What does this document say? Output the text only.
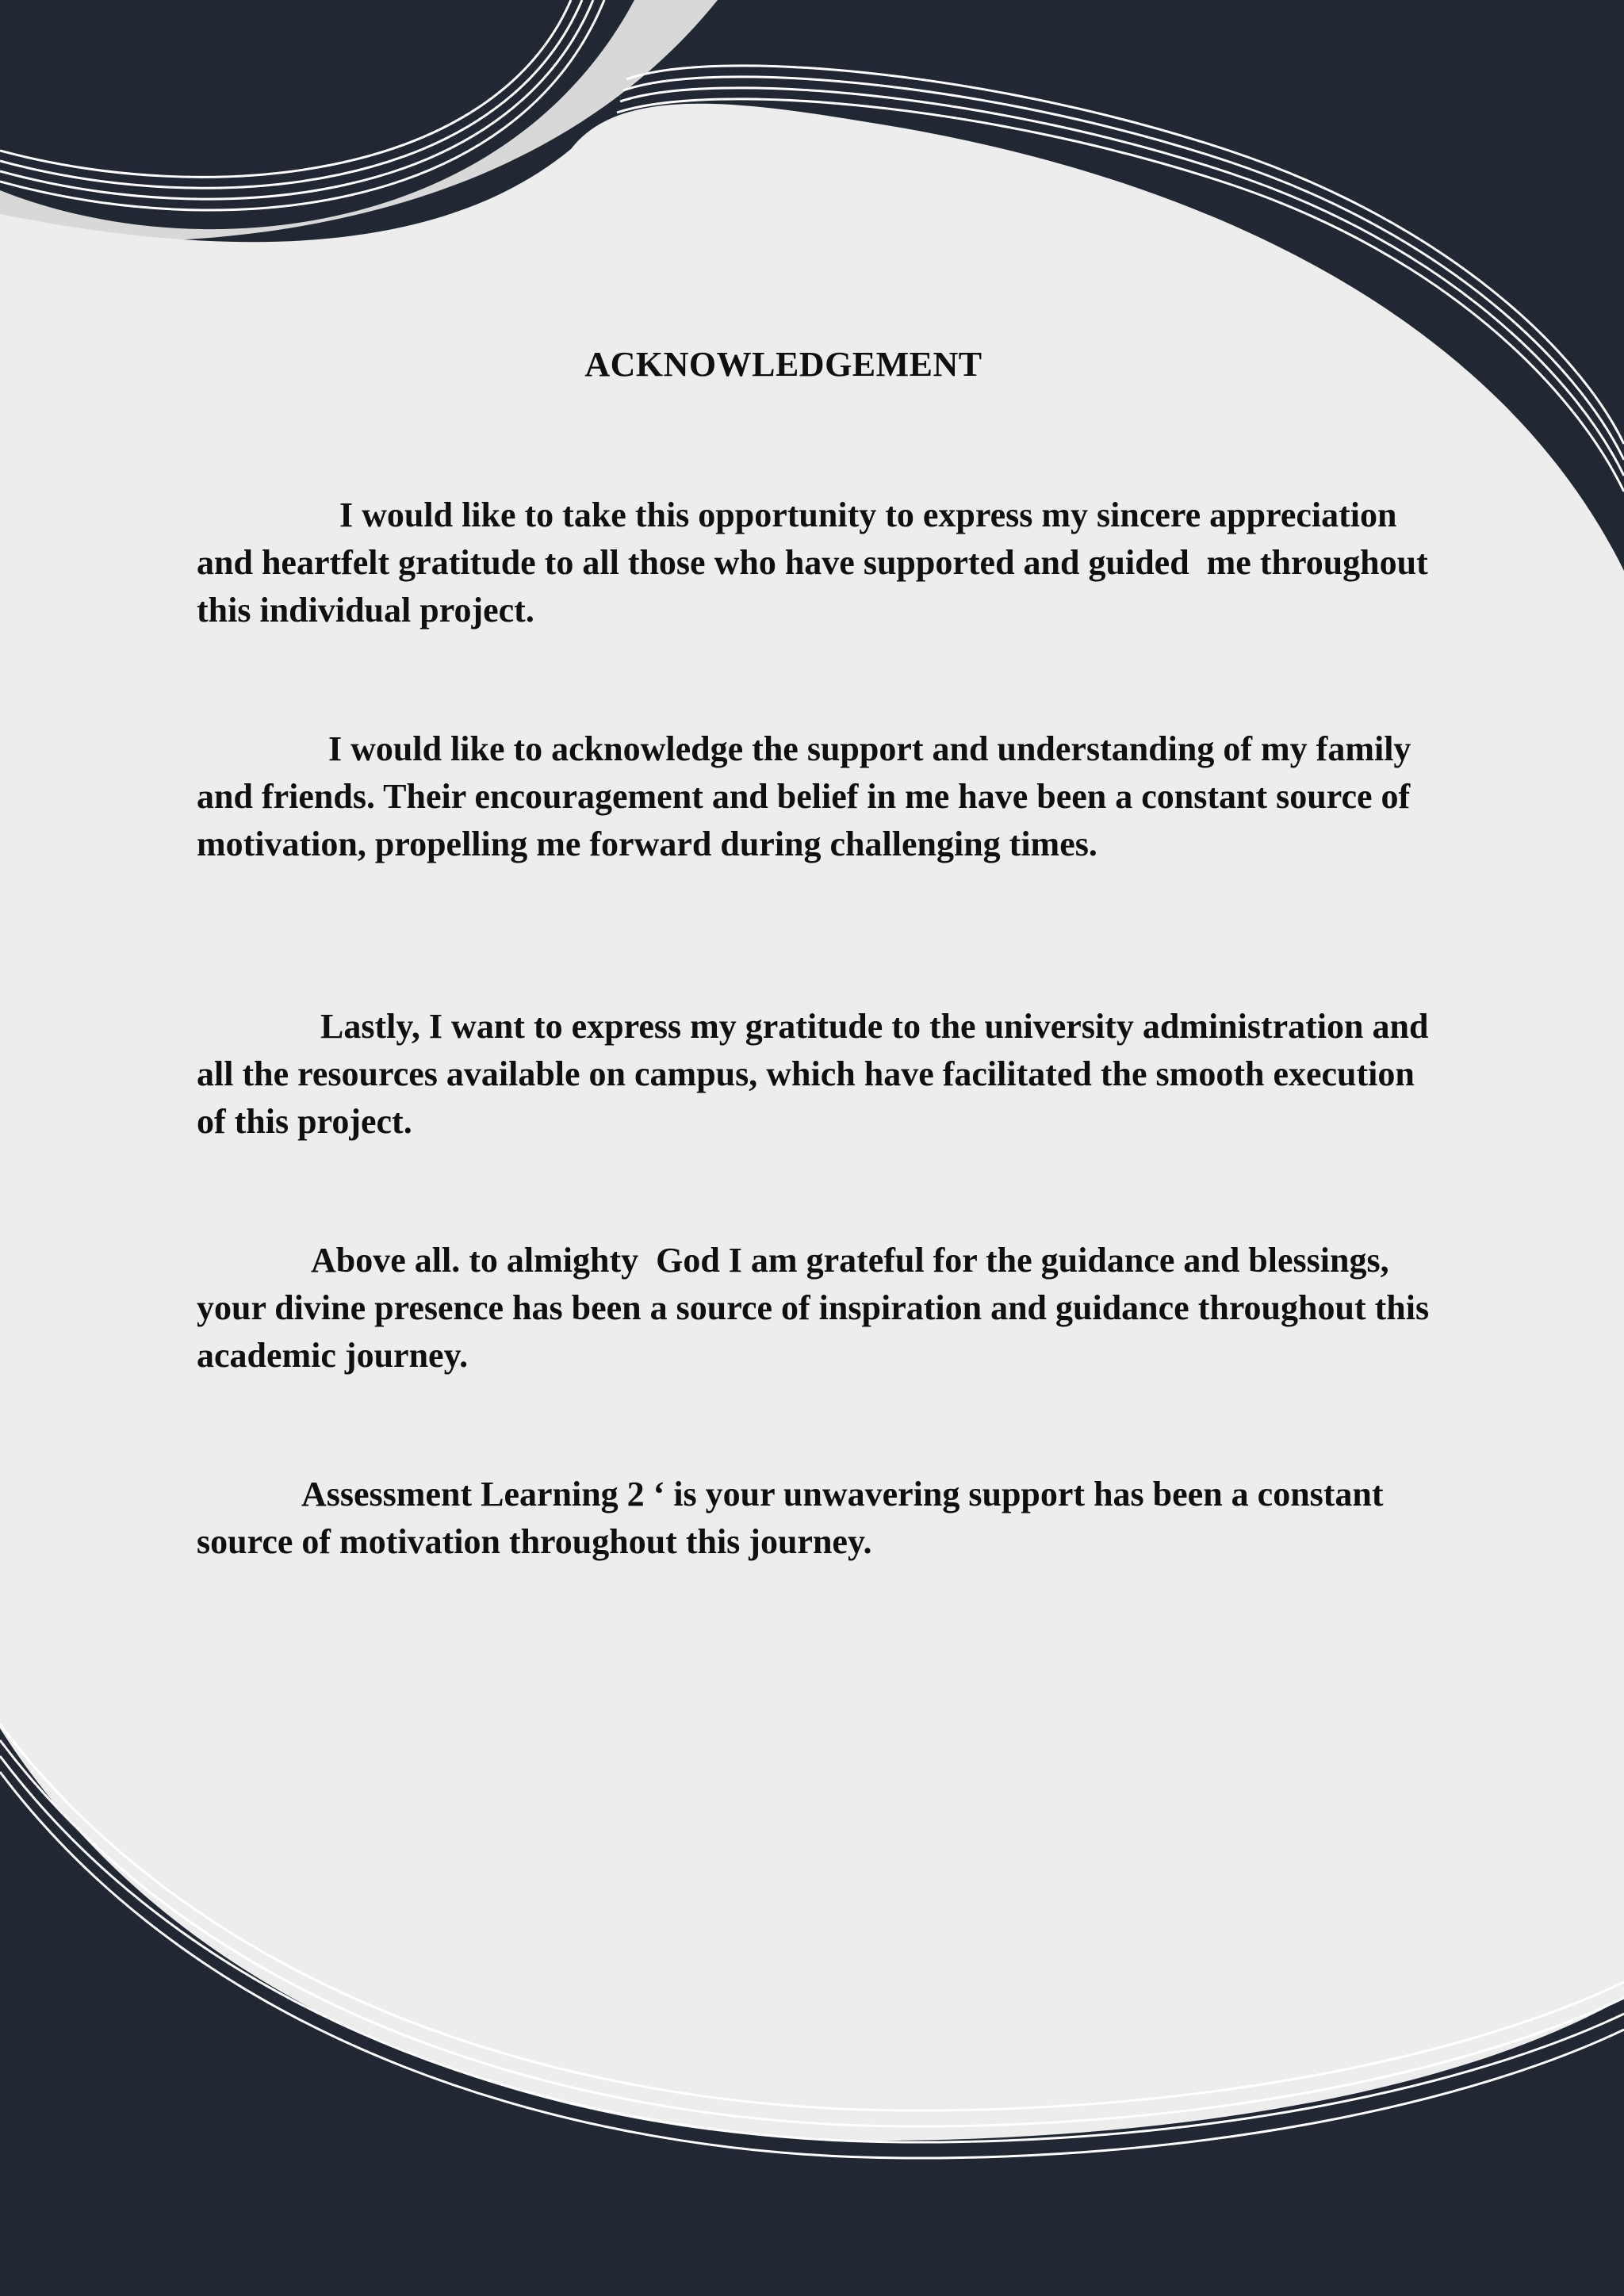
ACKNOWLEDGEMENT

I would like to take this opportunity to express my sincere appreciation and heartfelt gratitude to all those who have supported and guided  me throughout this individual project.

I would like to acknowledge the support and understanding of my family and friends. Their encouragement and belief in me have been a constant source of motivation, propelling me forward during challenging times.

Lastly, I want to express my gratitude to the university administration and all the resources available on campus, which have facilitated the smooth execution of this project.

Above all. to almighty  God I am grateful for the guidance and blessings, your divine presence has been a source of inspiration and guidance throughout this academic journey.

Assessment Learning 2 ‘ is your unwavering support has been a constant source of motivation throughout this journey.
